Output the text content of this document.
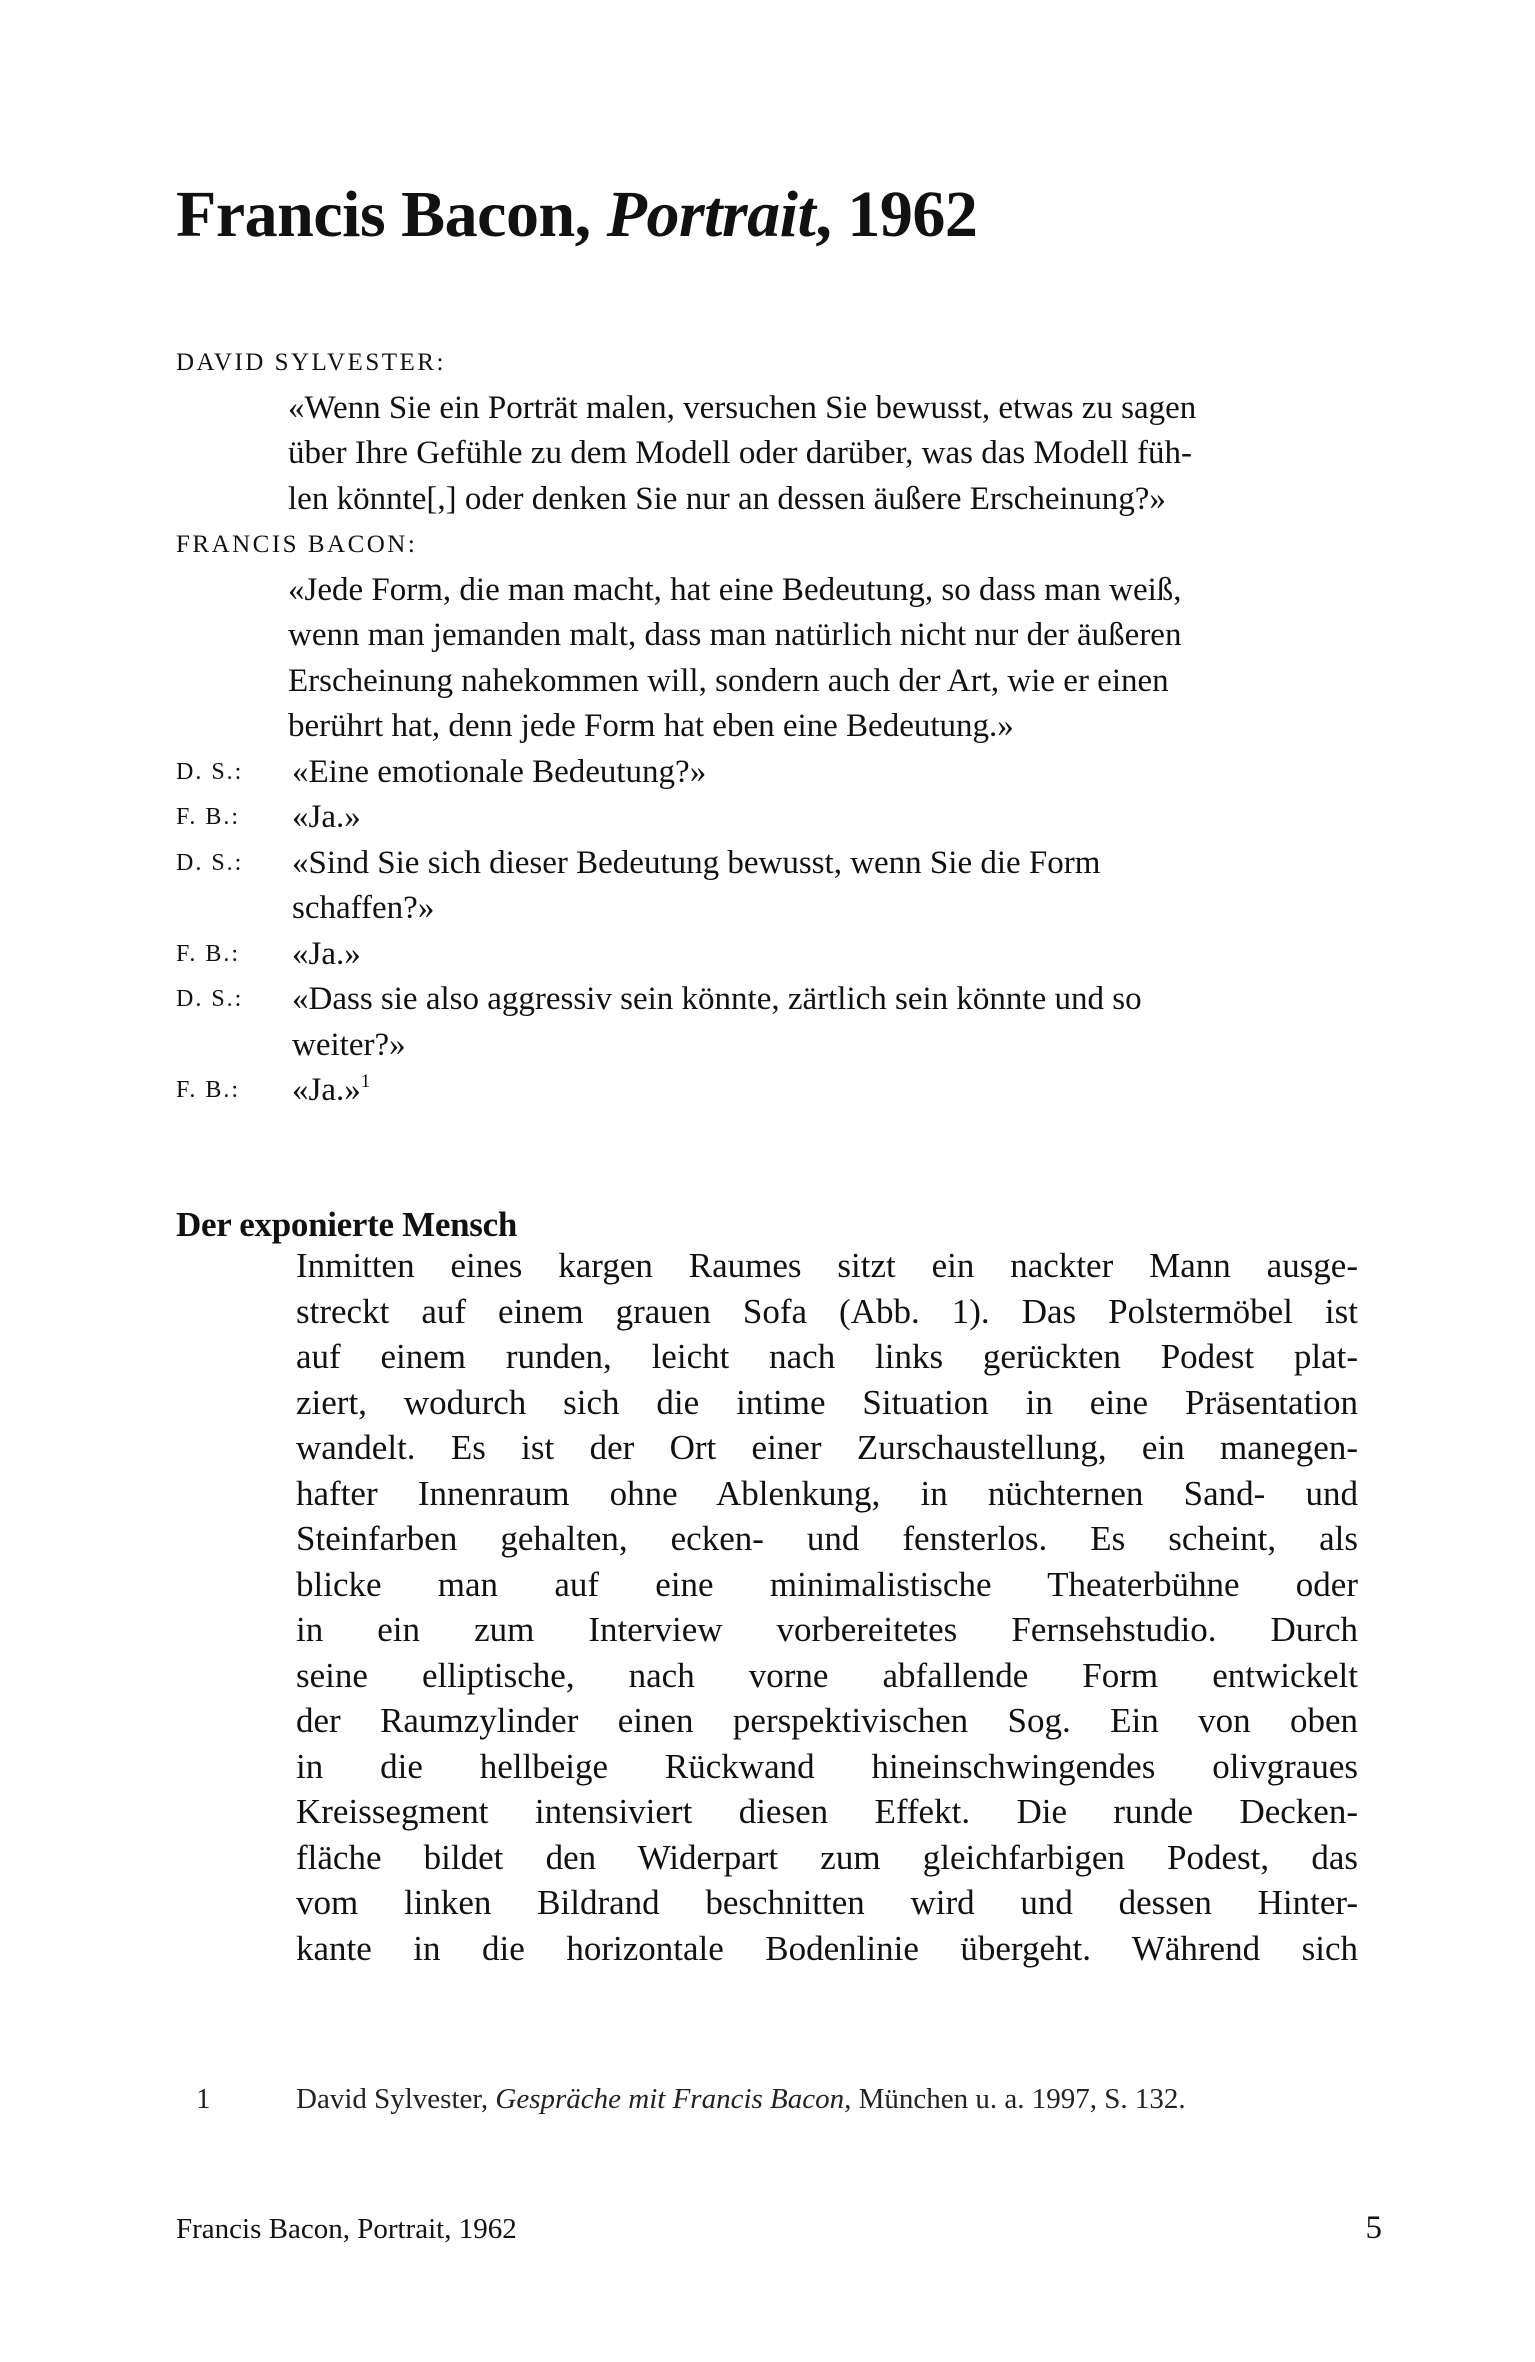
Francis Bacon, Portrait, 1962
DAVID SYLVESTER:
«Wenn Sie ein Porträt malen, versuchen Sie bewusst, etwas zu sagen
über Ihre Gefühle zu dem Modell oder darüber, was das Modell füh-
len könnte[,] oder denken Sie nur an dessen äußere Erscheinung?»
FRANCIS BACON:
«Jede Form, die man macht, hat eine Bedeutung, so dass man weiß,
wenn man jemanden malt, dass man natürlich nicht nur der äußeren
Erscheinung nahekommen will, sondern auch der Art, wie er einen
berührt hat, denn jede Form hat eben eine Bedeutung.»
D. S.:	«Eine emotionale Bedeutung?»
F. B.:	«Ja.»
D. S.:	«Sind Sie sich dieser Bedeutung bewusst, wenn Sie die Form
schaffen?»
F. B.:	«Ja.»
D. S.:	«Dass sie also aggressiv sein könnte, zärtlich sein könnte und so
weiter?»
F. B.:	«Ja.»$^1$
Der exponierte Mensch
Inmitten eines kargen Raumes sitzt ein nackter Mann ausge-
streckt auf einem grauen Sofa (Abb. 1). Das Polstermöbel ist
auf einem runden, leicht nach links gerückten Podest plat-
ziert, wodurch sich die intime Situation in eine Präsentation
wandelt. Es ist der Ort einer Zurschaustellung, ein manegen-
hafter Innenraum ohne Ablenkung, in nüchternen Sand- und
Steinfarben gehalten, ecken- und fensterlos. Es scheint, als
blicke man auf eine minimalistische Theaterbühne oder
in ein zum Interview vorbereitetes Fernsehstudio. Durch
seine elliptische, nach vorne abfallende Form entwickelt
der Raumzylinder einen perspektivischen Sog. Ein von oben
in die hellbeige Rückwand hineinschwingendes olivgraues
Kreissegment intensiviert diesen Effekt. Die runde Decken-
fläche bildet den Widerpart zum gleichfarbigen Podest, das
vom linken Bildrand beschnitten wird und dessen Hinter-
kante in die horizontale Bodenlinie übergeht. Während sich
1	David Sylvester, Gespräche mit Francis Bacon, München u. a. 1997, S. 132.
Francis Bacon, Portrait, 1962	5
